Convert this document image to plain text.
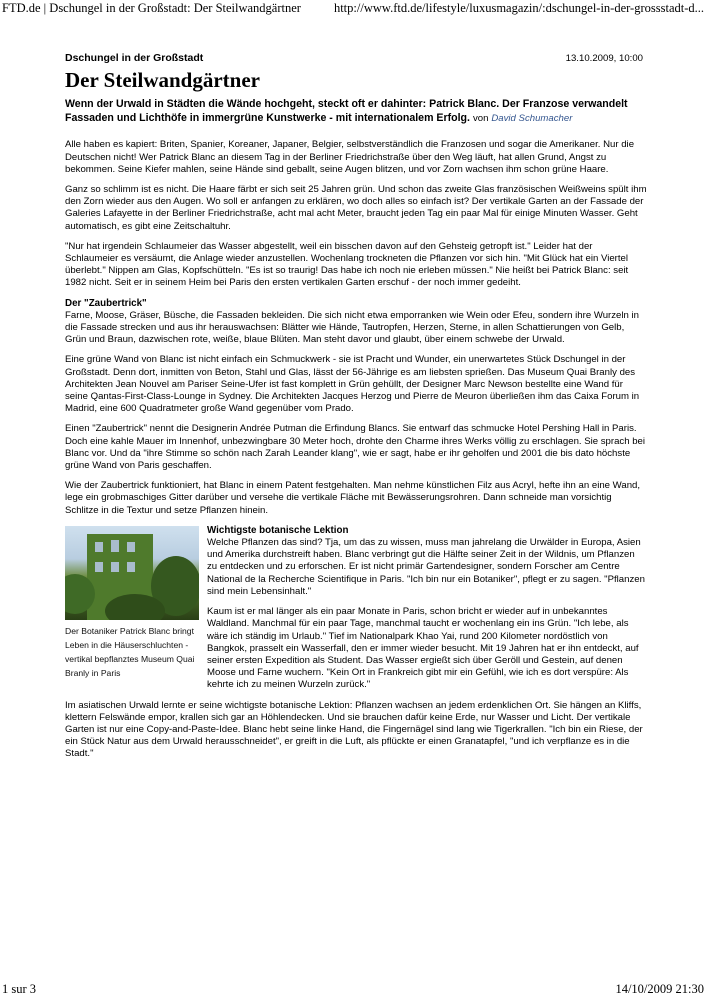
FTD.de | Dschungel in der Großstadt: Der Steilwandgärtner	http://www.ftd.de/lifestyle/luxusmagazin/:dschungel-in-der-grossstadt-d...
13.10.2009, 10:00

Dschungel in der Großstadt

Der Steilwandgärtner

Wenn der Urwald in Städten die Wände hochgeht, steckt oft er dahinter: Patrick Blanc. Der Franzose verwandelt Fassaden und Lichthöfe in immergrüne Kunstwerke - mit internationalem Erfolg. von David Schumacher

Alle haben es kapiert: Briten, Spanier, Koreaner, Japaner, Belgier, selbstverständlich die Franzosen und sogar die Amerikaner. Nur die Deutschen nicht! Wer Patrick Blanc an diesem Tag in der Berliner Friedrichstraße über den Weg läuft, hat allen Grund, Angst zu bekommen. Seine Kiefer mahlen, seine Hände sind geballt, seine Augen blitzen, und vor Zorn wachsen ihm schon grüne Haare.

Ganz so schlimm ist es nicht. Die Haare färbt er sich seit 25 Jahren grün. Und schon das zweite Glas französischen Weißweins spült ihm den Zorn wieder aus den Augen. Wo soll er anfangen zu erklären, wo doch alles so einfach ist? Der vertikale Garten an der Fassade der Galeries Lafayette in der Berliner Friedrichstraße, acht mal acht Meter, braucht jeden Tag ein paar Mal für einige Minuten Wasser. Geht automatisch, es gibt eine Zeitschaltuhr.

"Nur hat irgendein Schlaumeier das Wasser abgestellt, weil ein bisschen davon auf den Gehsteig getropft ist." Leider hat der Schlaumeier es versäumt, die Anlage wieder anzustellen. Wochenlang trockneten die Pflanzen vor sich hin. "Mit Glück hat ein Viertel überlebt." Nippen am Glas, Kopfschütteln. "Es ist so traurig! Das habe ich noch nie erleben müssen." Nie heißt bei Patrick Blanc: seit 1982 nicht. Seit er in seinem Heim bei Paris den ersten vertikalen Garten erschuf - der noch immer gedeiht.

Der "Zaubertrick"

Farne, Moose, Gräser, Büsche, die Fassaden bekleiden. Die sich nicht etwa emporranken wie Wein oder Efeu, sondern ihre Wurzeln in die Fassade strecken und aus ihr herauswachsen: Blätter wie Hände, Tautropfen, Herzen, Sterne, in allen Schattierungen von Gelb, Grün und Braun, dazwischen rote, weiße, blaue Blüten. Man steht davor und glaubt, über einem schwebe der Urwald.

Eine grüne Wand von Blanc ist nicht einfach ein Schmuckwerk - sie ist Pracht und Wunder, ein unerwartetes Stück Dschungel in der Großstadt. Denn dort, inmitten von Beton, Stahl und Glas, lässt der 56-Jährige es am liebsten sprießen. Das Museum Quai Branly des Architekten Jean Nouvel am Pariser Seine-Ufer ist fast komplett in Grün gehüllt, der Designer Marc Newson bestellte eine Wand für seine Qantas-First-Class-Lounge in Sydney. Die Architekten Jacques Herzog und Pierre de Meuron überließen ihm das Caixa Forum in Madrid, eine 600 Quadratmeter große Wand gegenüber vom Prado.

Einen "Zaubertrick" nennt die Designerin Andrée Putman die Erfindung Blancs. Sie entwarf das schmucke Hotel Pershing Hall in Paris. Doch eine kahle Mauer im Innenhof, unbezwingbare 30 Meter hoch, drohte den Charme ihres Werks völlig zu erschlagen. Sie sprach bei Blanc vor. Und da "ihre Stimme so schön nach Zarah Leander klang", wie er sagt, habe er ihr geholfen und 2001 die bis dato höchste grüne Wand von Paris geschaffen.

Wie der Zaubertrick funktioniert, hat Blanc in einem Patent festgehalten. Man nehme künstlichen Filz aus Acryl, hefte ihn an eine Wand, lege ein grobmaschiges Gitter darüber und versehe die vertikale Fläche mit Bewässerungsrohren. Dann schneide man vorsichtig Schlitze in die Textur und setze Pflanzen hinein.

Der Botaniker Patrick Blanc bringt Leben in die Häuserschluchten - vertikal bepflanztes Museum Quai Branly in Paris
Wichtigste botanische Lektion

Welche Pflanzen das sind? Tja, um das zu wissen, muss man jahrelang die Urwälder in Europa, Asien und Amerika durchstreift haben. Blanc verbringt gut die Hälfte seiner Zeit in der Wildnis, um Pflanzen zu entdecken und zu erforschen. Er ist nicht primär Gartendesigner, sondern Forscher am Centre National de la Recherche Scientifique in Paris. "Ich bin nur ein Botaniker", pflegt er zu sagen. "Pflanzen sind mein Lebensinhalt."

Kaum ist er mal länger als ein paar Monate in Paris, schon bricht er wieder auf in unbekanntes Waldland. Manchmal für ein paar Tage, manchmal taucht er wochenlang ein ins Grün. "Ich lebe, als wäre ich ständig im Urlaub." Tief im Nationalpark Khao Yai, rund 200 Kilometer nordöstlich von Bangkok, prasselt ein Wasserfall, den er immer wieder besucht. Mit 19 Jahren hat er ihn entdeckt, auf seiner ersten Expedition als Student. Das Wasser ergießt sich über Geröll und Gestein, auf denen Moose und Farne wuchern. "Kein Ort in Frankreich gibt mir ein Gefühl, wie ich es dort verspüre: Als kehrte ich zu meinen Wurzeln zurück."

Im asiatischen Urwald lernte er seine wichtigste botanische Lektion: Pflanzen wachsen an jedem erdenklichen Ort. Sie hängen an Kliffs, klettern Felswände empor, krallen sich gar an Höhlendecken. Und sie brauchen dafür keine Erde, nur Wasser und Licht. Der vertikale Garten ist nur eine Copy-and-Paste-Idee. Blanc hebt seine linke Hand, die Fingernägel sind lang wie Tigerkrallen. "Ich bin ein Riese, der ein Stück Natur aus dem Urwald herausschneidet", er greift in die Luft, als pflückte er einen Granatapfel, "und ich verpflanze es in die Stadt."

1 sur 3	14/10/2009 21:30
